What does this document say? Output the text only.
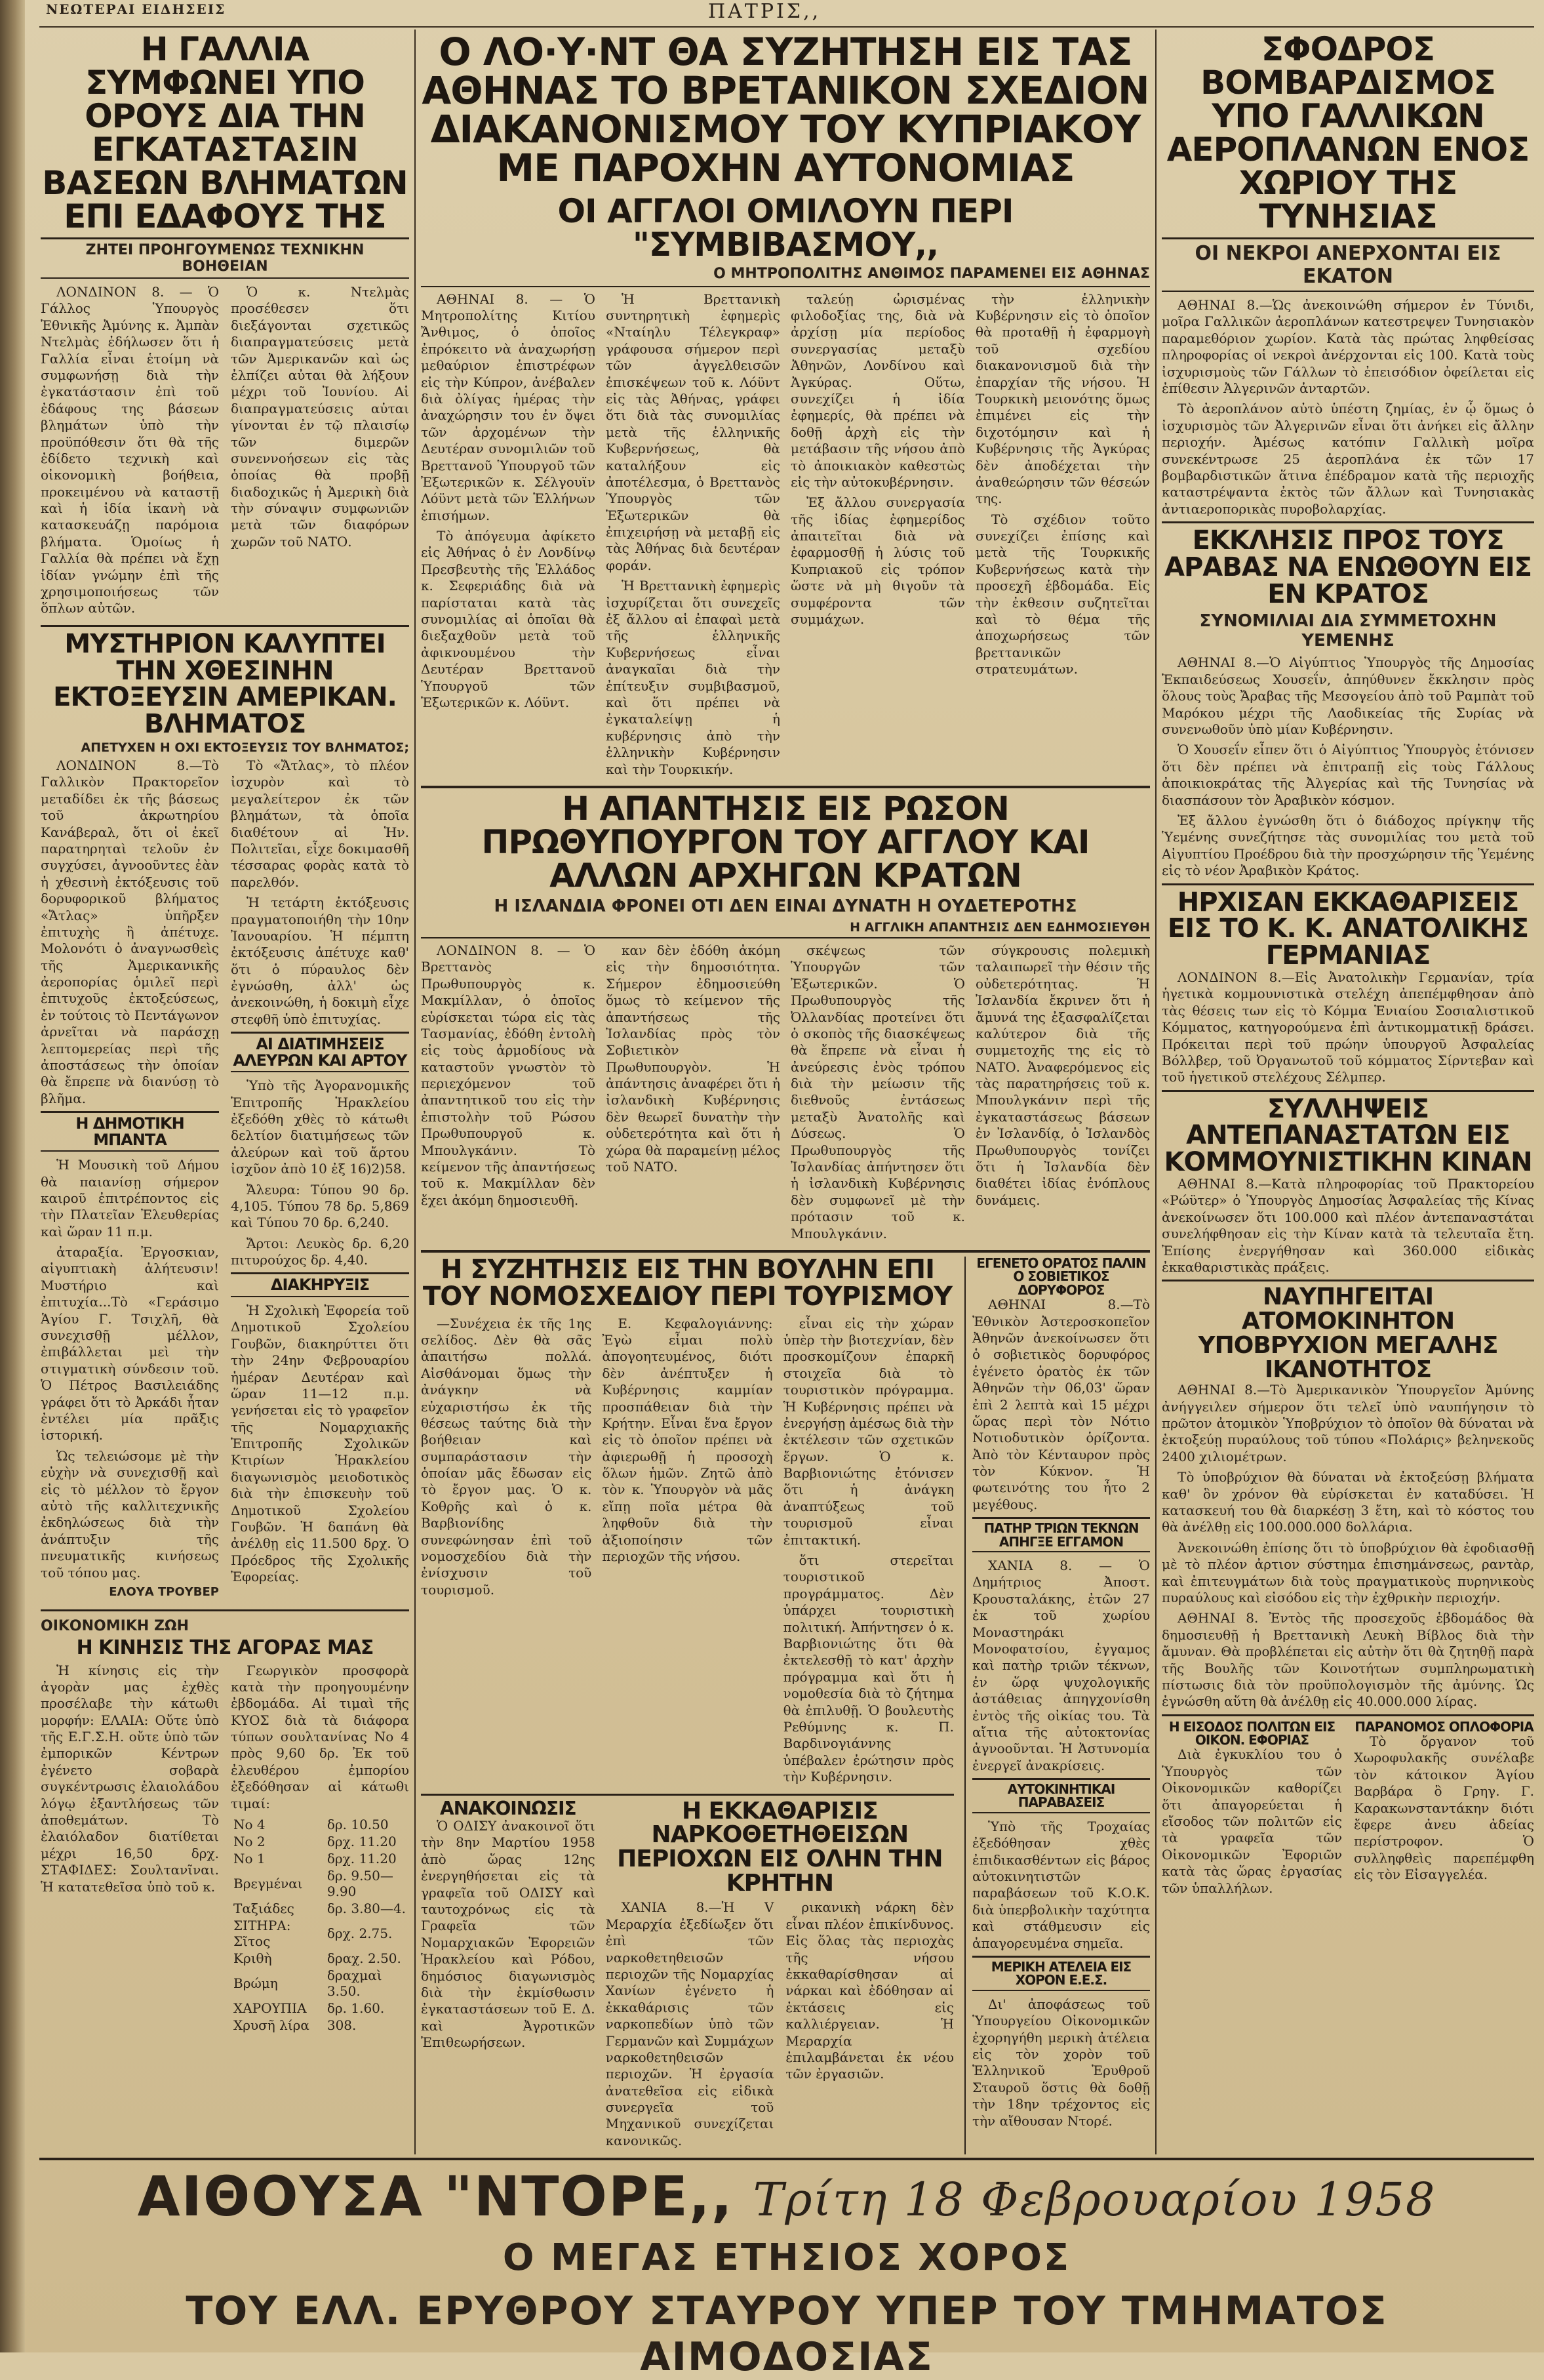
ΝΕΩΤΕΡΑΙ ΕΙΔΗΣΕΙΣ	ΠΑΤΡΙΣ,,
Η ΓΑΛΛΙΑ ΣΥΜΦΩΝΕΙ ΥΠΟ ΟΡΟΥΣ ΔΙΑ ΤΗΝ ΕΓΚΑΤΑΣΤΑΣΙΝ ΒΑΣΕΩΝ ΒΛΗΜΑΤΩΝ ΕΠΙ ΕΔΑΦΟΥΣ ΤΗΣ
ΖΗΤΕΙ ΠΡΟΗΓΟΥΜΕΝΩΣ ΤΕΧΝΙΚΗΝ ΒΟΗΘΕΙΑΝ

ΛΟΝΔΙΝΟΝ 8. — Ὁ Γάλλος Ὑπουργὸς Ἐθνικῆς Ἀμύνης κ. Ἀμπὰν Ντελμὰς ἐδήλωσεν ὅτι ἡ Γαλλία εἶναι ἑτοίμη νὰ συμφωνήσῃ διὰ τὴν ἐγκατάστασιν ἐπὶ τοῦ ἐδάφους της βάσεων βλημάτων ὑπὸ τὴν προϋπόθεσιν ὅτι θὰ τῆς ἐδίδετο τεχνικὴ καὶ οἰκονομικὴ βοήθεια, προκειμένου νὰ καταστῇ καὶ ἡ ἰδία ἱκανὴ νὰ κατασκευάζῃ παρόμοια βλήματα. Ὁμοίως ἡ Γαλλία θὰ πρέπει νὰ ἔχῃ ἰδίαν γνώμην ἐπὶ τῆς χρησιμοποιήσεως τῶν ὅπλων αὐτῶν.

Ὁ κ. Ντελμὰς προσέθεσεν ὅτι διεξάγονται σχετικῶς διαπραγματεύσεις μετὰ τῶν Ἀμερικανῶν καὶ ὡς ἐλπίζει αὐται θὰ λήξουν μέχρι τοῦ Ἰουνίου. Αἱ διαπραγματεύσεις αὐται γίνονται ἐν τῷ πλαισίῳ τῶν διμερῶν συνεννοήσεων εἰς τὰς ὁποίας θὰ προβῇ διαδοχικῶς ἡ Ἀμερικὴ διὰ τὴν σύναψιν συμφωνιῶν μετὰ τῶν διαφόρων χωρῶν τοῦ ΝΑΤΟ.

ΜΥΣΤΗΡΙΟΝ ΚΑΛΥΠΤΕΙ ΤΗΝ ΧΘΕΣΙΝΗΝ ΕΚΤΟΞΕΥΣΙΝ ΑΜΕΡΙΚΑΝ. ΒΛΗΜΑΤΟΣ
ΑΠΕΤΥΧΕΝ Η ΟΧΙ ΕΚΤΟΞΕΥΣΙΣ ΤΟΥ ΒΛΗΜΑΤΟΣ;

ΛΟΝΔΙΝΟΝ 8.—Τὸ Γαλλικὸν Πρακτορεῖον μεταδίδει ἐκ τῆς βάσεως τοῦ ἀκρωτηρίου Κανάβεραλ, ὅτι οἱ ἐκεῖ παρατηρηταὶ τελοῦν ἐν συγχύσει, ἀγνοοῦντες ἐὰν ἡ χθεσινὴ ἐκτόξευσις τοῦ δορυφορικοῦ βλήματος «Ἄτλας» ὑπῆρξεν ἐπιτυχὴς ἢ ἀπέτυχε. Μολονότι ὁ ἀναγνωσθεὶς τῆς Ἀμερικανικῆς ἀεροπορίας ὁμιλεῖ περὶ ἐπιτυχοῦς ἐκτοξεύσεως, ἐν τούτοις τὸ Πεντάγωνον ἀρνεῖται νὰ παράσχῃ λεπτομερείας περὶ τῆς ἀποστάσεως τὴν ὁποίαν θὰ ἔπρεπε νὰ διανύσῃ τὸ βλῆμα.

Η ΔΗΜΟΤΙΚΗ ΜΠΑΝΤΑ

Ἡ Μουσικὴ τοῦ Δήμου θὰ παιανίσῃ σήμερον καιροῦ ἐπιτρέποντος εἰς τὴν Πλατεῖαν Ἐλευθερίας καὶ ὥραν 11 π.μ.

ἀταραξία. Ἐργοσκιαν, αἰγυπτιακὴ ἀλήτευσιν! Μυστήριο καὶ ἐπιτυχία...Τὸ «Γεράσιμο Ἁγίου Γ. Τσιχλῆ, θὰ συνεχισθῇ μέλλον, ἐπιβάλλεται μεὶ τὴν στιγματικὴ σύνδεσιν τοῦ. Ὁ Πέτρος Βασιλειάδης γράφει ὅτι τὸ Ἀρκάδι ἦταν ἐντέλει μία πρᾶξις ἱστορική.

Ὡς τελειώσομε μὲ τὴν εὐχὴν νὰ συνεχισθῇ καὶ εἰς τὸ μέλλον τὸ ἔργον αὐτὸ τῆς καλλιτεχνικῆς ἐκδηλώσεως διὰ τὴν ἀνάπτυξιν τῆς πνευματικῆς κινήσεως τοῦ τόπου μας.

ΕΛΟΥΑ ΤΡΟΥΒΕΡ

Τὸ «Ἄτλας», τὸ πλέον ἰσχυρὸν καὶ τὸ μεγαλείτερον ἐκ τῶν βλημάτων, τὰ ὁποῖα διαθέτουν αἱ Ἡν. Πολιτεῖαι, εἶχε δοκιμασθῆ τέσσαρας φορὰς κατὰ τὸ παρελθόν.

Ἡ τετάρτη ἐκτόξευσις πραγματοποιήθη τὴν 10ην Ἰανουαρίου. Ἡ πέμπτη ἐκτόξευσις ἀπέτυχε καθ' ὅτι ὁ πύραυλος δὲν ἐγνώσθη, ἀλλ' ὡς ἀνεκοινώθη, ἡ δοκιμὴ εἶχε στεφθῆ ὑπὸ ἐπιτυχίας.

ΑΙ ΔΙΑΤΙΜΗΣΕΙΣ ΑΛΕΥΡΩΝ ΚΑΙ ΑΡΤΟΥ

Ὑπὸ τῆς Ἀγορανομικῆς Ἐπιτροπῆς Ἡρακλείου ἐξεδόθη χθὲς τὸ κάτωθι δελτίον διατιμήσεως τῶν ἀλεύρων καὶ τοῦ ἄρτου ἰσχῦον ἀπὸ 10 ἐξ 16)2)58.

Ἄλευρα: Τύπου 90 δρ. 4,105. Τύπου 78 δρ. 5,869 καὶ Τύπου 70 δρ. 6,240.

Ἄρτοι: Λευκὸς δρ. 6,20 πιτυρούχος δρ. 4,40.

ΔΙΑΚΗΡΥΞΙΣ

Ἡ Σχολικὴ Ἐφορεία τοῦ Δημοτικοῦ Σχολείου Γουβῶν, διακηρύττει ὅτι τὴν 24ην Φεβρουαρίου ἡμέραν Δευτέραν καὶ ὥραν 11—12 π.μ. γενήσεται εἰς τὸ γραφεῖον τῆς Νομαρχιακῆς Ἐπιτροπῆς Σχολικῶν Κτιρίων Ἡρακλείου διαγωνισμὸς μειοδοτικὸς διὰ τὴν ἐπισκευὴν τοῦ Δημοτικοῦ Σχολείου Γουβῶν. Ἡ δαπάνη θὰ ἀνέλθῃ εἰς 11.500 δρχ. Ὁ Πρόεδρος τῆς Σχολικῆς Ἐφορείας.

ΟΙΚΟΝΟΜΙΚΗ ΖΩΗ
Η ΚΙΝΗΣΙΣ ΤΗΣ ΑΓΟΡΑΣ ΜΑΣ

Ἡ κίνησις εἰς τὴν ἀγορὰν μας ἐχθὲς προσέλαβε τὴν κάτωθι μορφήν: ΕΛΑΙΑ: Οὔτε ὑπὸ τῆς Ε.Γ.Σ.Η. οὔτε ὑπὸ τῶν ἐμπορικῶν Κέντρων ἐγένετο σοβαρὰ συγκέντρωσις ἐλαιολάδου λόγῳ ἐξαντλήσεως τῶν ἀποθεμάτων. Τὸ ἐλαιόλαδον διατίθεται μέχρι 16,50 δρχ. ΣΤΑΦΙΔΕΣ: Σουλτανῖναι. Ἡ κατατεθεῖσα ὑπὸ τοῦ κ.

Γεωργικὸν προσφορὰ κατὰ τὴν προηγουμένην ἐβδομάδα. Αἱ τιμαὶ τῆς ΚΥΟΣ διὰ τὰ διάφορα τύπων σουλτανίνας No 4 πρὸς 9,60 δρ. Ἐκ τοῦ ἐλευθέρου ἐμπορίου ἐξεδόθησαν αἱ κάτωθι τιμαί:

No 4	δρ. 10.50
No 2	δρχ. 11.20
No 1	δρχ. 11.20
Βρεγμέναι	δρ. 9.50—9.90
Ταξιάδες	δρ. 3.80—4.
ΣΙΤΗΡΑ: Σῖτος	δρχ. 2.75.
Κριθὴ	δραχ. 2.50.
Βρώμη	δραχμαὶ 3.50.
ΧΑΡΟΥΠΙΑ	δρ. 1.60.
Χρυσῆ λίρα	308.
Ο ΛΟ·Υ·ΝΤ ΘΑ ΣΥΖΗΤΗΣΗ ΕΙΣ ΤΑΣ ΑΘΗΝΑΣ ΤΟ ΒΡΕΤΑΝΙΚΟΝ ΣΧΕΔΙΟΝ ΔΙΑΚΑΝΟΝΙΣΜΟΥ ΤΟΥ ΚΥΠΡΙΑΚΟΥ ΜΕ ΠΑΡΟΧΗΝ ΑΥΤΟΝΟΜΙΑΣ
ΟΙ ΑΓΓΛΟΙ ΟΜΙΛΟΥΝ ΠΕΡΙ "ΣΥΜΒΙΒΑΣΜΟΥ,,
Ο ΜΗΤΡΟΠΟΛΙΤΗΣ ΑΝΘΙΜΟΣ ΠΑΡΑΜΕΝΕΙ ΕΙΣ ΑΘΗΝΑΣ

ΑΘΗΝΑΙ 8. — Ὁ Μητροπολίτης Κιτίου Ἄνθιμος, ὁ ὁποῖος ἐπρόκειτο νὰ ἀναχωρήσῃ μεθαύριον ἐπιστρέφων εἰς τὴν Κύπρον, ἀνέβαλεν διὰ ὀλίγας ἡμέρας τὴν ἀναχώρησιν του ἐν ὄψει τῶν ἀρχομένων τὴν Δευτέραν συνομιλιῶν τοῦ Βρεττανοῦ Ὑπουργοῦ τῶν Ἐξωτερικῶν κ. Σέλγουϊν Λόϋντ μετὰ τῶν Ἑλλήνων ἐπισήμων.

Τὸ ἀπόγευμα ἀφίκετο εἰς Ἀθήνας ὁ ἐν Λονδίνῳ Πρεσβευτὴς τῆς Ἑλλάδος κ. Σεφεριάδης διὰ νὰ παρίσταται κατὰ τὰς συνομιλίας αἱ ὁποῖαι θὰ διεξαχθοῦν μετὰ τοῦ ἀφικνουμένου τὴν Δευτέραν Βρεττανοῦ Ὑπουργοῦ τῶν Ἐξωτερικῶν κ. Λόϋντ.

Ἡ Βρεττανικὴ συντηρητικὴ ἐφημερὶς «Νταίηλυ Τέλεγκραφ» γράφουσα σήμερον περὶ τῶν ἀγγελθεισῶν ἐπισκέψεων τοῦ κ. Λόϋντ εἰς τὰς Ἀθήνας, γράφει ὅτι διὰ τὰς συνομιλίας μετὰ τῆς ἑλληνικῆς Κυβερνήσεως, θὰ καταλήξουν εἰς ἀποτέλεσμα, ὁ Βρεττανὸς Ὑπουργὸς τῶν Ἐξωτερικῶν θὰ ἐπιχειρήσῃ νὰ μεταβῇ εἰς τὰς Ἀθήνας διὰ δευτέραν φοράν.

Ἡ Βρεττανικὴ ἐφημερὶς ἰσχυρίζεται ὅτι συνεχεῖς ἐξ ἄλλου αἱ ἐπαφαὶ μετὰ τῆς ἑλληνικῆς Κυβερνήσεως εἶναι ἀναγκαῖαι διὰ τὴν ἐπίτευξιν συμβιβασμοῦ, καὶ ὅτι πρέπει νὰ ἐγκαταλείψῃ ἡ κυβέρνησις ἀπὸ τὴν ἑλληνικὴν Κυβέρνησιν καὶ τὴν Τουρκικήν.

ταλεύῃ ὡρισμένας φιλοδοξίας της, διὰ νὰ ἀρχίσῃ μία περίοδος συνεργασίας μεταξὺ Ἀθηνῶν, Λονδίνου καὶ Ἀγκύρας. Οὕτω, συνεχίζει ἡ ἰδία ἐφημερίς, θὰ πρέπει νὰ δοθῇ ἀρχὴ εἰς τὴν μετάβασιν τῆς νήσου ἀπὸ τὸ ἀποικιακὸν καθεστὼς εἰς τὴν αὐτοκυβέρνησιν.

Ἐξ ἄλλου συνεργασία τῆς ἰδίας ἐφημερίδος ἀπαιτεῖται διὰ νὰ ἐφαρμοσθῇ ἡ λύσις τοῦ Κυπριακοῦ εἰς τρόπον ὥστε νὰ μὴ θιγοῦν τὰ συμφέροντα τῶν συμμάχων.

τὴν ἑλληνικὴν Κυβέρνησιν εἰς τὸ ὁποῖον θὰ προταθῇ ἡ ἐφαρμογὴ τοῦ σχεδίου διακανονισμοῦ διὰ τὴν ἐπαρχίαν τῆς νήσου. Ἡ Τουρκικὴ μειονότης ὅμως ἐπιμένει εἰς τὴν διχοτόμησιν καὶ ἡ Κυβέρνησις τῆς Ἀγκύρας δὲν ἀποδέχεται τὴν ἀναθεώρησιν τῶν θέσεών της.

Τὸ σχέδιον τοῦτο συνεχίζει ἐπίσης καὶ μετὰ τῆς Τουρκικῆς Κυβερνήσεως κατὰ τὴν προσεχῆ ἑβδομάδα. Εἰς τὴν ἐκθεσιν συζητεῖται καὶ τὸ θέμα τῆς ἀποχωρήσεως τῶν βρεττανικῶν στρατευμάτων.

Η ΑΠΑΝΤΗΣΙΣ ΕΙΣ ΡΩΣΟΝ ΠΡΩΘΥΠΟΥΡΓΟΝ ΤΟΥ ΑΓΓΛΟΥ ΚΑΙ ΑΛΛΩΝ ΑΡΧΗΓΩΝ ΚΡΑΤΩΝ
Η ΙΣΛΑΝΔΙΑ ΦΡΟΝΕΙ ΟΤΙ ΔΕΝ ΕΙΝΑΙ ΔΥΝΑΤΗ Η ΟΥΔΕΤΕΡΟΤΗΣ
Η ΑΓΓΛΙΚΗ ΑΠΑΝΤΗΣΙΣ ΔΕΝ ΕΔΗΜΟΣΙΕΥΘΗ

ΛΟΝΔΙΝΟΝ 8. — Ὁ Βρεττανὸς Πρωθυπουργὸς κ. Μακμίλλαν, ὁ ὁποῖος εὑρίσκεται τώρα εἰς τὰς Τασμανίας, ἐδόθη ἐντολὴ εἰς τοὺς ἀρμοδίους νὰ καταστοῦν γνωστὸν τὸ περιεχόμενον τοῦ ἀπαντητικοῦ του εἰς τὴν ἐπιστολὴν τοῦ Ρώσου Πρωθυπουργοῦ κ. Μπουλγκάνιν. Τὸ κείμενον τῆς ἀπαντήσεως τοῦ κ. Μακμίλλαν δὲν ἔχει ἀκόμη δημοσιευθῆ.

καν δὲν ἐδόθη ἀκόμη εἰς τὴν δημοσιότητα. Σήμερον ἐδημοσιεύθη ὅμως τὸ κείμενον τῆς ἀπαντήσεως τῆς Ἰσλανδίας πρὸς τὸν Σοβιετικὸν Πρωθυπουργὸν. Ἡ ἀπάντησις ἀναφέρει ὅτι ἡ ἰσλανδικὴ Κυβέρνησις δὲν θεωρεῖ δυνατὴν τὴν οὐδετερότητα καὶ ὅτι ἡ χώρα θὰ παραμείνῃ μέλος τοῦ ΝΑΤΟ.

σκέψεως τῶν Ὑπουργῶν τῶν Ἐξωτερικῶν. Ὁ Πρωθυπουργὸς τῆς Ὀλλανδίας προτείνει ὅτι ὁ σκοπὸς τῆς διασκέψεως θὰ ἔπρεπε νὰ εἶναι ἡ ἀνεύρεσις ἐνὸς τρόπου διὰ τὴν μείωσιν τῆς διεθνοῦς ἐντάσεως μεταξὺ Ἀνατολῆς καὶ Δύσεως. Ὁ Πρωθυπουργὸς τῆς Ἰσλανδίας ἀπήντησεν ὅτι ἡ ἰσλανδικὴ Κυβέρνησις δὲν συμφωνεῖ μὲ τὴν πρότασιν τοῦ κ. Μπουλγκάνιν.

σύγκρουσις πολεμικὴ ταλαιπωρεῖ τὴν θέσιν τῆς οὐδετερότητας. Ἡ Ἰσλανδία ἔκρινεν ὅτι ἡ ἄμυνά της ἐξασφαλίζεται καλύτερον διὰ τῆς συμμετοχῆς της εἰς τὸ ΝΑΤΟ. Ἀναφερόμενος εἰς τὰς παρατηρήσεις τοῦ κ. Μπουλγκάνιν περὶ τῆς ἐγκαταστάσεως βάσεων ἐν Ἰσλανδίᾳ, ὁ Ἰσλανδὸς Πρωθυπουργὸς τονίζει ὅτι ἡ Ἰσλανδία δὲν διαθέτει ἰδίας ἐνόπλους δυνάμεις.

Η ΣΥΖΗΤΗΣΙΣ ΕΙΣ ΤΗΝ ΒΟΥΛΗΝ ΕΠΙ ΤΟΥ ΝΟΜΟΣΧΕΔΙΟΥ ΠΕΡΙ ΤΟΥΡΙΣΜΟΥ

—Συνέχεια ἐκ τῆς 1ης σελίδος. Δὲν θὰ σᾶς ἀπαιτήσω πολλά. Αἰσθάνομαι ὅμως τὴν ἀνάγκην νὰ εὐχαριστήσω ἐκ τῆς θέσεως ταύτης διὰ τὴν βοήθειαν καὶ συμπαράστασιν τὴν ὁποίαν μᾶς ἔδωσαν εἰς τὸ ἔργον μας. Ὁ κ. Κοθρῆς καὶ ὁ κ. Βαρβιονίδης συνεφώνησαν ἐπὶ τοῦ νομοσχεδίου διὰ τὴν ἐνίσχυσιν τοῦ τουρισμοῦ.

Ε. Κεφαλογιάννης: Ἐγὼ εἶμαι πολὺ ἀπογοητευμένος, διότι δὲν ἀνέπτυξεν ἡ Κυβέρνησις καμμίαν προσπάθειαν διὰ τὴν Κρήτην. Εἶναι ἕνα ἔργον εἰς τὸ ὁποῖον πρέπει νὰ ἀφιερωθῇ ἡ προσοχὴ ὅλων ἡμῶν. Ζητῶ ἀπὸ τὸν κ. Ὑπουργὸν νὰ μᾶς εἴπῃ ποῖα μέτρα θὰ ληφθοῦν διὰ τὴν ἀξιοποίησιν τῶν περιοχῶν τῆς νήσου.

εἶναι εἰς τὴν χώραν ὑπὲρ τὴν βιοτεχνίαν, δὲν προσκομίζουν ἐπαρκῆ στοιχεῖα διὰ τὸ τουριστικὸν πρόγραμμα. Ἡ Κυβέρνησις πρέπει νὰ ἐνεργήσῃ ἀμέσως διὰ τὴν ἐκτέλεσιν τῶν σχετικῶν ἔργων. Ὁ κ. Βαρβιονιώτης ἐτόνισεν ὅτι ἡ ἀνάγκη ἀναπτύξεως τοῦ τουρισμοῦ εἶναι ἐπιτακτική.

ὅτι στερεῖται τουριστικοῦ προγράμματος. Δὲν ὑπάρχει τουριστικὴ πολιτική. Ἀπήντησεν ὁ κ. Βαρβιονιώτης ὅτι θὰ ἐκτελεσθῇ τὸ κατ' ἀρχὴν πρόγραμμα καὶ ὅτι ἡ νομοθεσία διὰ τὸ ζήτημα θὰ ἐπιλυθῇ. Ὁ βουλευτὴς Ρεθύμνης κ. Π. Βαρδινογιάννης ὑπέβαλεν ἐρώτησιν πρὸς τὴν Κυβέρνησιν.

ΑΝΑΚΟΙΝΩΣΙΣ

Ὁ ΟΔΙΣΥ ἀνακοινοῖ ὅτι τὴν 8ην Μαρτίου 1958 ἀπὸ ὥρας 12ης ἐνεργηθήσεται εἰς τὰ γραφεῖα τοῦ ΟΔΙΣΥ καὶ ταυτοχρόνως εἰς τὰ Γραφεῖα τῶν Νομαρχιακῶν Ἐφορειῶν Ἡρακλείου καὶ Ρόδου, δημόσιος διαγωνισμὸς διὰ τὴν ἐκμίσθωσιν ἐγκαταστάσεων τοῦ Ε. Δ. καὶ Ἀγροτικῶν Ἐπιθεωρήσεων.

Η ΕΚΚΑΘΑΡΙΣΙΣ ΝΑΡΚΟΘΕΤΗΘΕΙΣΩΝ ΠΕΡΙΟΧΩΝ ΕΙΣ ΟΛΗΝ ΤΗΝ ΚΡΗΤΗΝ

ΧΑΝΙΑ 8.—Ἡ V Μεραρχία ἐξεδίωξεν ὅτι ἐπὶ τῶν ναρκοθετηθεισῶν περιοχῶν τῆς Νομαρχίας Χανίων ἐγένετο ἡ ἐκκαθάρισις τῶν ναρκοπεδίων ὑπὸ τῶν Γερμανῶν καὶ Συμμάχων ναρκοθετηθεισῶν περιοχῶν. Ἡ ἐργασία ἀνατεθεῖσα εἰς εἰδικὰ συνεργεῖα τοῦ Μηχανικοῦ συνεχίζεται κανονικῶς.

ρικανικὴ νάρκη δὲν εἶναι πλέον ἐπικίνδυνος. Εἰς ὅλας τὰς περιοχὰς τῆς νήσου ἐκκαθαρίσθησαν αἱ νάρκαι καὶ ἐδόθησαν αἱ ἐκτάσεις εἰς καλλιέργειαν. Ἡ Μεραρχία ἐπιλαμβάνεται ἐκ νέου τῶν ἐργασιῶν.

ΕΓΕΝΕΤΟ ΟΡΑΤΟΣ ΠΑΛΙΝ Ο ΣΟΒΙΕΤΙΚΟΣ ΔΟΡΥΦΟΡΟΣ

ΑΘΗΝΑΙ 8.—Τὸ Ἐθνικὸν Ἀστεροσκοπεῖον Ἀθηνῶν ἀνεκοίνωσεν ὅτι ὁ σοβιετικὸς δορυφόρος ἐγένετο ὁρατὸς ἐκ τῶν Ἀθηνῶν τὴν 06,03' ὥραν ἐπὶ 2 λεπτὰ καὶ 15 μέχρι ὥρας περὶ τὸν Νότιο Νοτιοδυτικὸν ὁρίζοντα. Ἀπὸ τὸν Κένταυρον πρὸς τὸν Κύκνον. Ἡ φωτεινότης του ἦτο 2 μεγέθους.

ΠΑΤΗΡ ΤΡΙΩΝ ΤΕΚΝΩΝ ΑΠΗΓΞΕ ΕΓΓΑΜΟΝ

ΧΑΝΙΑ 8. — Ὁ Δημήτριος Ἀποστ. Κρουσταλάκης, ἐτῶν 27 ἐκ τοῦ χωρίου Μοναστηράκι Μονοφατσίου, ἐγγαμος καὶ πατὴρ τριῶν τέκνων, ἐν ὥρᾳ ψυχολογικῆς ἀστάθειας ἀπηγχονίσθη ἐντὸς τῆς οἰκίας του. Τὰ αἴτια τῆς αὐτοκτονίας ἀγνοοῦνται. Ἡ Ἀστυνομία ἐνεργεῖ ἀνακρίσεις.

ΑΥΤΟΚΙΝΗΤΙΚΑΙ ΠΑΡΑΒΑΣΕΙΣ

Ὑπὸ τῆς Τροχαίας ἐξεδόθησαν χθὲς ἐπιδικασθέντων εἰς βάρος αὐτοκινητιστῶν παραβάσεων τοῦ Κ.Ο.Κ. διὰ ὑπερβολικὴν ταχύτητα καὶ στάθμευσιν εἰς ἀπαγορευμένα σημεῖα.

ΜΕΡΙΚΗ ΑΤΕΛΕΙΑ ΕΙΣ ΧΟΡΟΝ Ε.Ε.Σ.

Δι' ἀποφάσεως τοῦ Ὑπουργείου Οἰκονομικῶν ἐχορηγήθη μερικὴ ἀτέλεια εἰς τὸν χορὸν τοῦ Ἑλληνικοῦ Ἐρυθροῦ Σταυροῦ ὅστις θὰ δοθῇ τὴν 18ην τρέχοντος εἰς τὴν αἴθουσαν Ντορέ.

ΣΦΟΔΡΟΣ ΒΟΜΒΑΡΔΙΣΜΟΣ ΥΠΟ ΓΑΛΛΙΚΩΝ ΑΕΡΟΠΛΑΝΩΝ ΕΝΟΣ ΧΩΡΙΟΥ ΤΗΣ ΤΥΝΗΣΙΑΣ
ΟΙ ΝΕΚΡΟΙ ΑΝΕΡΧΟΝΤΑΙ ΕΙΣ ΕΚΑΤΟΝ

ΑΘΗΝΑΙ 8.—Ὡς ἀνεκοινώθη σήμερον ἐν Τύνιδι, μοῖρα Γαλλικῶν ἀεροπλάνων κατεστρεψεν Τυνησιακὸν παραμεθόριον χωρίον. Κατὰ τὰς πρώτας ληφθείσας πληροφορίας οἱ νεκροὶ ἀνέρχονται εἰς 100. Κατὰ τοὺς ἰσχυρισμοὺς τῶν Γάλλων τὸ ἐπεισόδιον ὀφείλεται εἰς ἐπίθεσιν Ἀλγερινῶν ἀνταρτῶν.

Τὸ ἀεροπλάνον αὐτὸ ὑπέστη ζημίας, ἐν ᾧ ὅμως ὁ ἰσχυρισμὸς τῶν Ἀλγερινῶν εἶναι ὅτι ἀνήκει εἰς ἄλλην περιοχήν. Ἀμέσως κατόπιν Γαλλικὴ μοῖρα συνεκέντρωσε 25 ἀεροπλάνα ἐκ τῶν 17 βομβαρδιστικῶν ἅτινα ἐπέδραμον κατὰ τῆς περιοχῆς καταστρέψαντα ἐκτὸς τῶν ἄλλων καὶ Τυνησιακὰς ἀντιαεροπορικὰς πυροβολαρχίας.

ΕΚΚΛΗΣΙΣ ΠΡΟΣ ΤΟΥΣ ΑΡΑΒΑΣ ΝΑ ΕΝΩΘΟΥΝ ΕΙΣ ΕΝ ΚΡΑΤΟΣ
ΣΥΝΟΜΙΛΙΑΙ ΔΙΑ ΣΥΜΜΕΤΟΧΗΝ ΥΕΜΕΝΗΣ

ΑΘΗΝΑΙ 8.—Ὁ Αἰγύπτιος Ὑπουργὸς τῆς Δημοσίας Ἐκπαιδεύσεως Χουσεΐν, ἀπηύθυνεν ἔκκλησιν πρὸς ὅλους τοὺς Ἄραβας τῆς Μεσογείου ἀπὸ τοῦ Ραμπὰτ τοῦ Μαρόκου μέχρι τῆς Λαοδικείας τῆς Συρίας νὰ συνενωθοῦν ὑπὸ μίαν Κυβέρνησιν.

Ὁ Χουσεΐν εἶπεν ὅτι ὁ Αἰγύπτιος Ὑπουργὸς ἐτόνισεν ὅτι δὲν πρέπει νὰ ἐπιτραπῇ εἰς τοὺς Γάλλους ἀποικιοκράτας τῆς Ἀλγερίας καὶ τῆς Τυνησίας νὰ διασπάσουν τὸν Ἀραβικὸν κόσμον.

Ἐξ ἄλλου ἐγνώσθη ὅτι ὁ διάδοχος πρίγκηψ τῆς Ὑεμένης συνεζήτησε τὰς συνομιλίας του μετὰ τοῦ Αἰγυπτίου Προέδρου διὰ τὴν προσχώρησιν τῆς Ὑεμένης εἰς τὸ νέον Ἀραβικὸν Κράτος.

ΗΡΧΙΣΑΝ ΕΚΚΑΘΑΡΙΣΕΙΣ ΕΙΣ ΤΟ Κ. Κ. ΑΝΑΤΟΛΙΚΗΣ ΓΕΡΜΑΝΙΑΣ

ΛΟΝΔΙΝΟΝ 8.—Εἰς Ἀνατολικὴν Γερμανίαν, τρία ἡγετικὰ κομμουνιστικὰ στελέχη ἀπεπέμφθησαν ἀπὸ τὰς θέσεις των εἰς τὸ Κόμμα Ἑνιαίου Σοσιαλιστικοῦ Κόμματος, κατηγορούμενα ἐπὶ ἀντικομματικῇ δράσει. Πρόκειται περὶ τοῦ πρώην ὑπουργοῦ Ἀσφαλείας Βόλλβερ, τοῦ Ὀργανωτοῦ τοῦ κόμματος Σίρντεβαν καὶ τοῦ ἡγετικοῦ στελέχους Σέλμπερ.

ΣΥΛΛΗΨΕΙΣ ΑΝΤΕΠΑΝΑΣΤΑΤΩΝ ΕΙΣ ΚΟΜΜΟΥΝΙΣΤΙΚΗΝ ΚΙΝΑΝ

ΑΘΗΝΑΙ 8.—Κατὰ πληροφορίας τοῦ Πρακτορείου «Ρώϋτερ» ὁ Ὑπουργὸς Δημοσίας Ἀσφαλείας τῆς Κίνας ἀνεκοίνωσεν ὅτι 100.000 καὶ πλέον ἀντεπαναστάται συνελήφθησαν εἰς τὴν Κίναν κατὰ τὰ τελευταῖα ἔτη. Ἐπίσης ἐνεργήθησαν καὶ 360.000 εἰδικὰς ἐκκαθαριστικὰς πράξεις.

ΝΑΥΠΗΓΕΙΤΑΙ ΑΤΟΜΟΚΙΝΗΤΟΝ ΥΠΟΒΡΥΧΙΟΝ ΜΕΓΑΛΗΣ ΙΚΑΝΟΤΗΤΟΣ

ΑΘΗΝΑΙ 8.—Τὸ Ἀμερικανικὸν Ὑπουργεῖον Ἀμύνης ἀνήγγειλεν σήμερον ὅτι τελεῖ ὑπὸ ναυπήγησιν τὸ πρῶτον ἀτομικὸν Ὑποβρύχιον τὸ ὁποῖον θὰ δύναται νὰ ἐκτοξεύῃ πυραύλους τοῦ τύπου «Πολάρις» βεληνεκοῦς 2400 χιλιομέτρων.

Τὸ ὑποβρύχιον θὰ δύναται νὰ ἐκτοξεύσῃ βλήματα καθ' ὃν χρόνον θὰ εὑρίσκεται ἐν καταδύσει. Ἡ κατασκευή του θὰ διαρκέσῃ 3 ἔτη, καὶ τὸ κόστος του θὰ ἀνέλθῃ εἰς 100.000.000 δολλάρια.

Ἀνεκοινώθη ἐπίσης ὅτι τὸ ὑποβρύχιον θὰ ἐφοδιασθῇ μὲ τὸ πλέον ἀρτιον σύστημα ἐπισημάνσεως, ραντὰρ, καὶ ἐπιτευγμάτων διὰ τοὺς πραγματικοὺς πυρηνικοὺς πυραύλους καὶ εἰσόδου εἰς τὴν ἐχθρικὴν περιοχήν.

ΑΘΗΝΑΙ 8. Ἐντὸς τῆς προσεχοῦς ἑβδομάδος θὰ δημοσιευθῇ ἡ Βρεττανικὴ Λευκὴ Βίβλος διὰ τὴν ἄμυναν. Θὰ προβλέπεται εἰς αὐτὴν ὅτι θὰ ζητηθῇ παρὰ τῆς Βουλῆς τῶν Κοινοτήτων συμπληρωματικὴ πίστωσις διὰ τὸν προϋπολογισμὸν τῆς ἀμύνης. Ὡς ἐγνώσθη αὕτη θὰ ἀνέλθῃ εἰς 40.000.000 λίρας.

Η ΕΙΣΟΔΟΣ ΠΟΛΙΤΩΝ ΕΙΣ ΟΙΚΟΝ. ΕΦΟΡΙΑΣ

Διὰ ἐγκυκλίου του ὁ Ὑπουργὸς τῶν Οἰκονομικῶν καθορίζει ὅτι ἀπαγορεύεται ἡ εἴσοδος τῶν πολιτῶν εἰς τὰ γραφεῖα τῶν Οἰκονομικῶν Ἐφοριῶν κατὰ τὰς ὥρας ἐργασίας τῶν ὑπαλλήλων.

ΠΑΡΑΝΟΜΟΣ ΟΠΛΟΦΟΡΙΑ

Τὸ ὄργανον τοῦ Χωροφυλακῆς συνέλαβε τὸν κάτοικον Ἁγίου Βαρβάρα ὃ Γρηγ. Γ. Καρακωνσταντάκην διότι ἔφερε ἀνευ ἀδείας περίστροφον. Ὁ συλληφθεὶς παρεπέμφθη εἰς τὸν Εἰσαγγελέα.

ΑΙΘΟΥΣΑ "ΝΤΟΡΕ,, Τρίτη 18 Φεβρουαρίου 1958
Ο ΜΕΓΑΣ ΕΤΗΣΙΟΣ ΧΟΡΟΣ
ΤΟΥ ΕΛΛ. ΕΡΥΘΡΟΥ ΣΤΑΥΡΟΥ ΥΠΕΡ ΤΟΥ ΤΜΗΜΑΤΟΣ ΑΙΜΟΔΟΣΙΑΣ
